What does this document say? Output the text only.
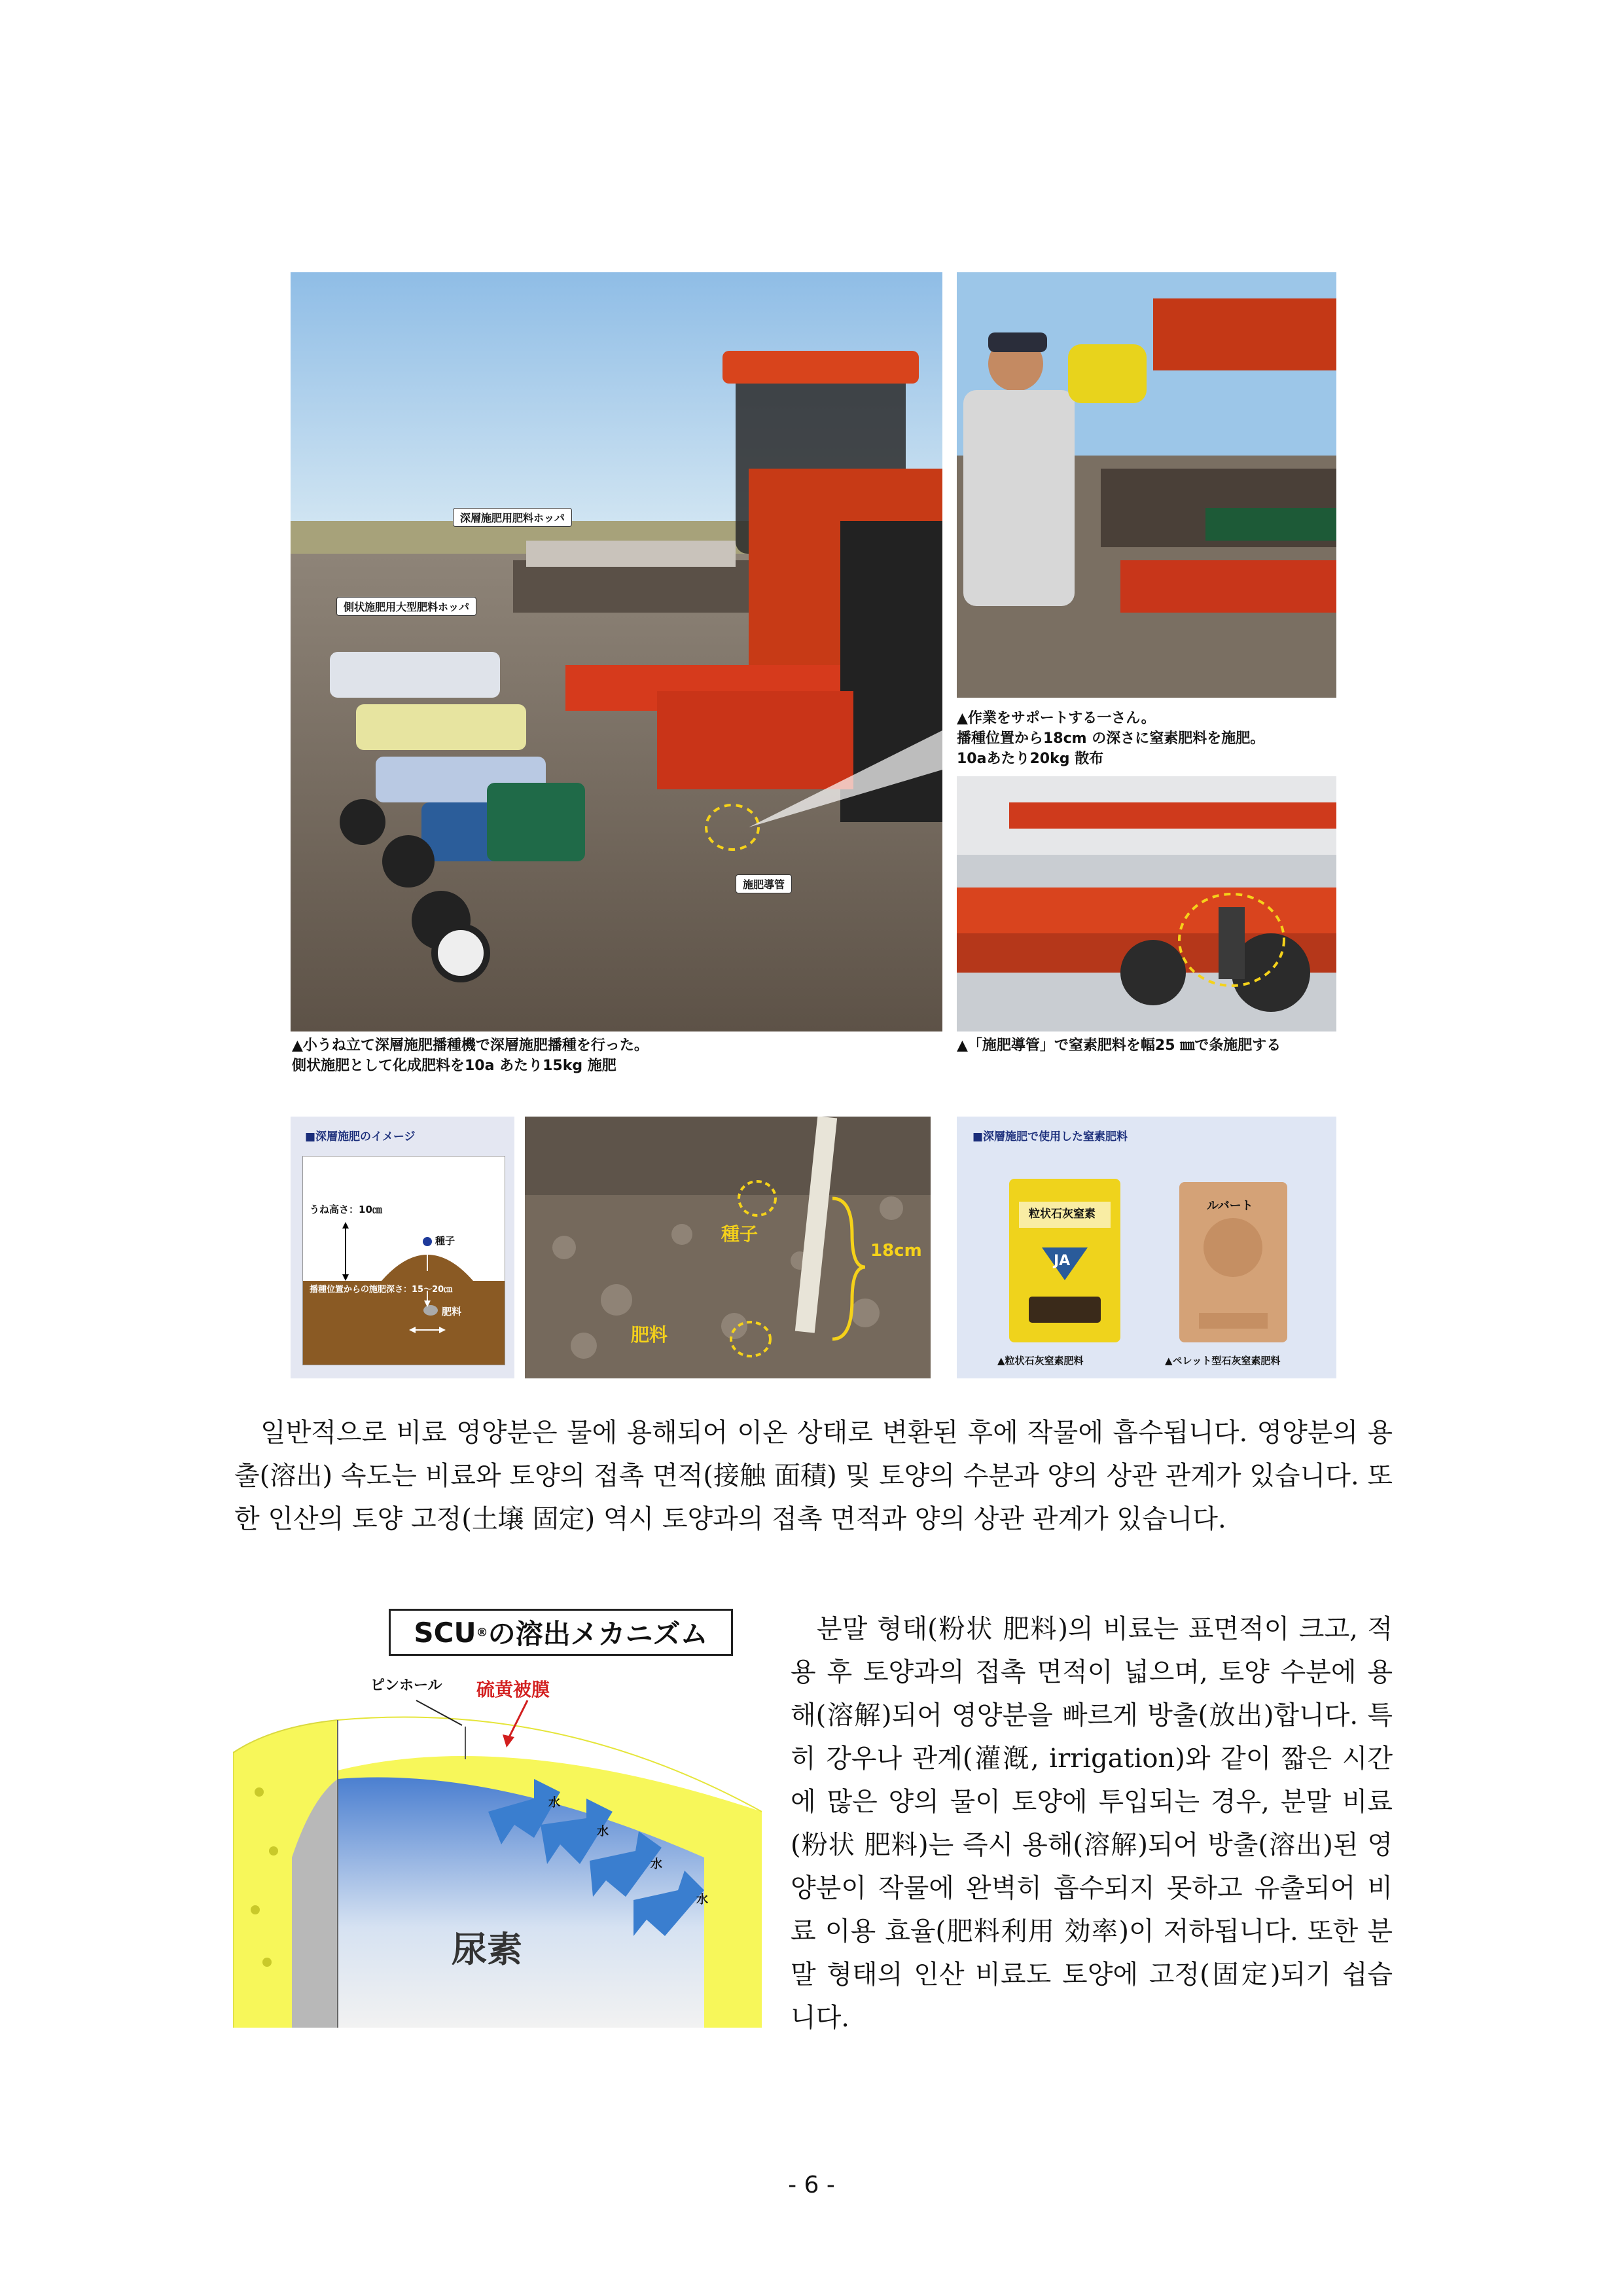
深層施肥用肥料ホッパ
側状施肥用大型肥料ホッパ
施肥導管
▲小うね立て深層施肥播種機で深層施肥播種を行った。
側状施肥として化成肥料を10a あたり15kg 施肥
▲作業をサポートする一さん。
播種位置から18cm の深さに窒素肥料を施肥。
10aあたり20kg 散布
▲「施肥導管」で窒素肥料を幅25 ㎜で条施肥する
■深層施肥のイメージ
うね高さ：10㎝
種子
播種位置からの施肥深さ：15〜20㎝
肥料
種子
18cm
肥料
■深層施肥で使用した窒素肥料
粒状石灰窒素
JA
ルバート
▲粒状石灰窒素肥料	▲ペレット型石灰窒素肥料

일반적으로 비료 영양분은 물에 용해되어 이온 상태로 변환된 후에 작물에 흡수됩니다. 영양분의 용출(溶出) 속도는 비료와 토양의 접촉 면적(接触 面積) 및 토양의 수분과 양의 상관 관계가 있습니다. 또한 인산의 토양 고정(土壌 固定) 역시 토양과의 접촉 면적과 양의 상관 관계가 있습니다.

SCU ® の溶出メカニズム
ピンホール 硫黄被膜
尿素
水
水
水
水

분말 형태(粉状 肥料)의 비료는 표면적이 크고, 적용 후 토양과의 접촉 면적이 넓으며, 토양 수분에 용해(溶解)되어 영양분을 빠르게 방출(放出)합니다. 특히 강우나 관계(灌漑, irrigation)와 같이 짧은 시간에 많은 양의 물이 토양에 투입되는 경우, 분말 비료(粉状 肥料)는 즉시 용해(溶解)되어 방출(溶出)된 영양분이 작물에 완벽히 흡수되지 못하고 유출되어 비료 이용 효율(肥料利用 効率)이 저하됩니다. 또한 분말 형태의 인산 비료도 토양에 고정(固定)되기 쉽습니다.

- 6 -
